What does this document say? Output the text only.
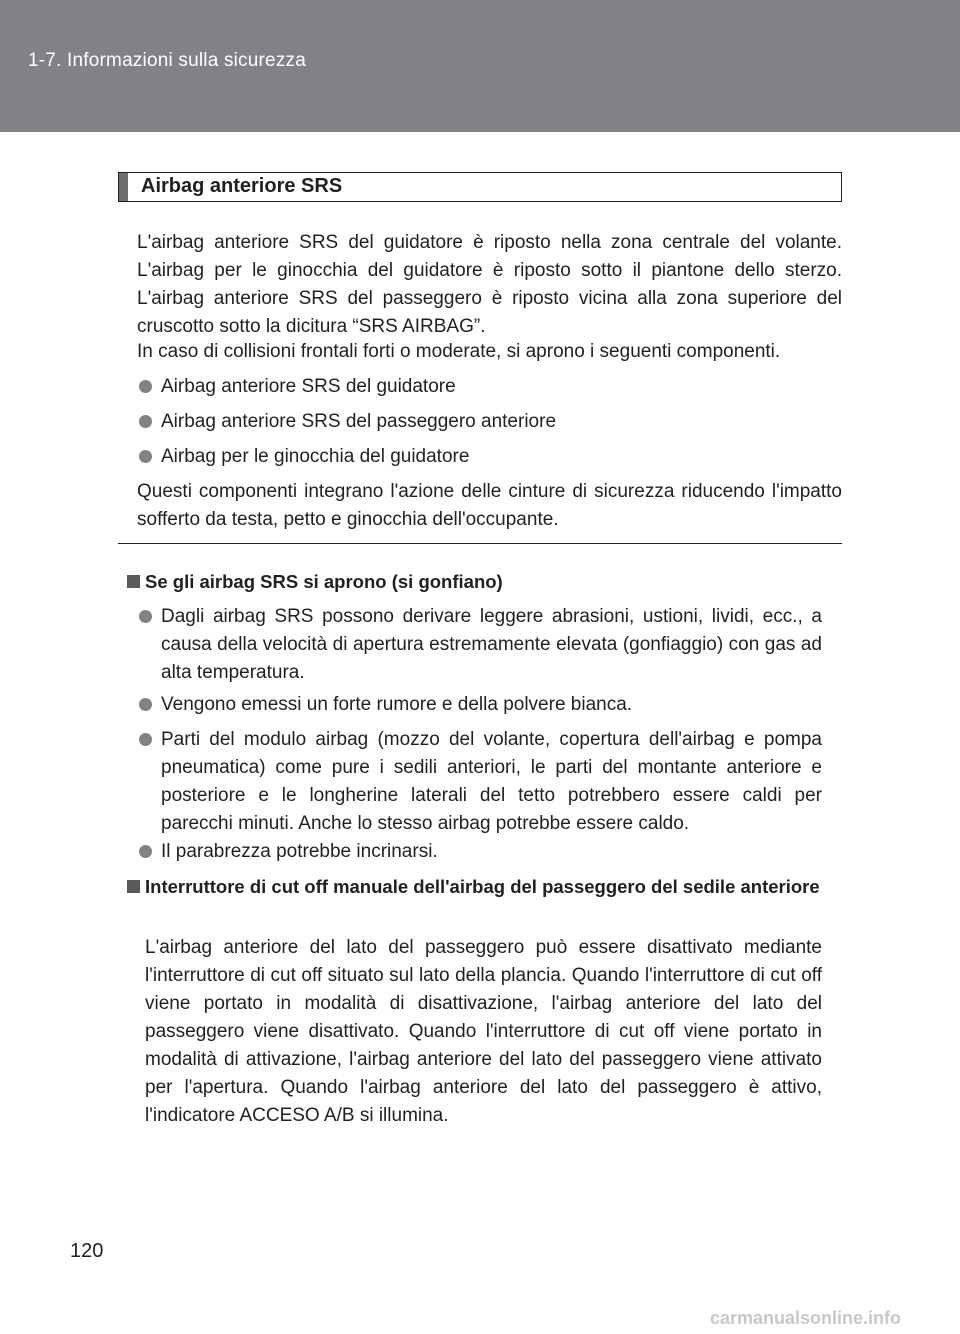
1-7. Informazioni sulla sicurezza
Airbag anteriore SRS
L'airbag anteriore SRS del guidatore è riposto nella zona centrale del volante. L'airbag per le ginocchia del guidatore è riposto sotto il piantone dello sterzo. L'airbag anteriore SRS del passeggero è riposto vicina alla zona superiore del cruscotto sotto la dicitura “SRS AIRBAG”.
In caso di collisioni frontali forti o moderate, si aprono i seguenti componenti.
Airbag anteriore SRS del guidatore
Airbag anteriore SRS del passeggero anteriore
Airbag per le ginocchia del guidatore
Questi componenti integrano l'azione delle cinture di sicurezza riducendo l'impatto sofferto da testa, petto e ginocchia dell'occupante.
Se gli airbag SRS si aprono (si gonfiano)
Dagli airbag SRS possono derivare leggere abrasioni, ustioni, lividi, ecc., a causa della velocità di apertura estremamente elevata (gonfiaggio) con gas ad alta temperatura.
Vengono emessi un forte rumore e della polvere bianca.
Parti del modulo airbag (mozzo del volante, copertura dell'airbag e pompa pneumatica) come pure i sedili anteriori, le parti del montante anteriore e posteriore e le longherine laterali del tetto potrebbero essere caldi per parecchi minuti. Anche lo stesso airbag potrebbe essere caldo.
Il parabrezza potrebbe incrinarsi.
Interruttore di cut off manuale dell'airbag del passeggero del sedile anteriore
L'airbag anteriore del lato del passeggero può essere disattivato mediante l'interruttore di cut off situato sul lato della plancia. Quando l'interruttore di cut off viene portato in modalità di disattivazione, l'airbag anteriore del lato del passeggero viene disattivato. Quando l'interruttore di cut off viene portato in modalità di attivazione, l'airbag anteriore del lato del passeggero viene attivato per l'apertura. Quando l'airbag anteriore del lato del passeggero è attivo, l'indicatore ACCESO A/B si illumina.
120
carmanualsonline.info
